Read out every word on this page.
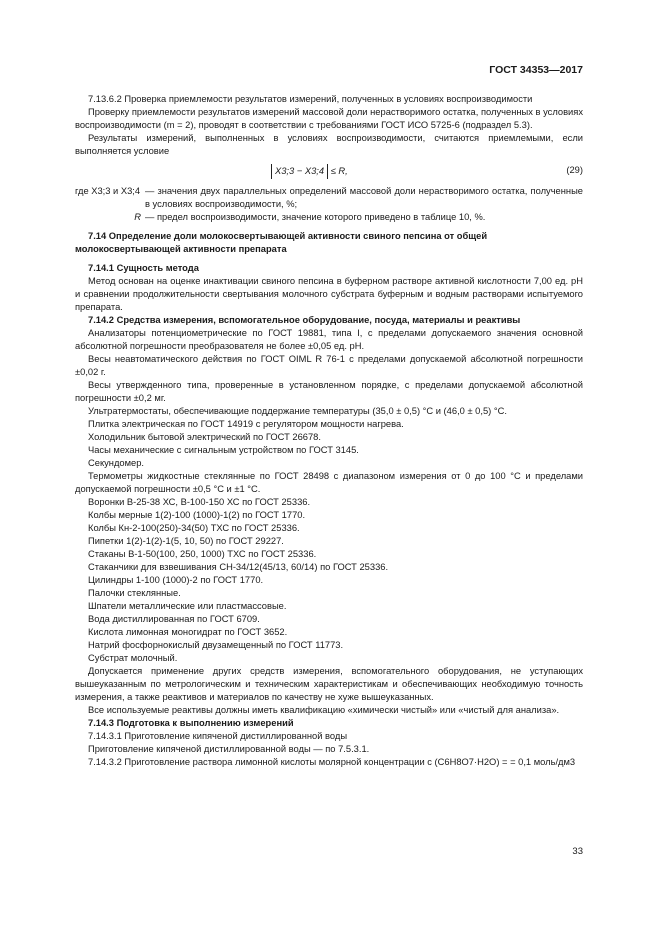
ГОСТ 34353—2017

7.13.6.2 Проверка приемлемости результатов измерений, полученных в условиях воспроизводимости

Проверку приемлемости результатов измерений массовой доли нерастворимого остатка, полученных в условиях воспроизводимости (m = 2), проводят в соответствии с требованиями ГОСТ ИСО 5725-6 (подраздел 5.3).

Результаты измерений, выполненных в условиях воспроизводимости, считаются приемлемыми, если выполняется условие

X3;3 − X3;4 ≤ R,	(29)
где X3;3 и X3;4	— значения двух параллельных определений массовой доли нерастворимого остатка, полученные в условиях воспроизводимости, %;
R	— предел воспроизводимости, значение которого приведено в таблице 10, %.

7.14 Определение доли молокосвертывающей активности свиного пепсина от общей молокосвертывающей активности препарата

7.14.1 Сущность метода

Метод основан на оценке инактивации свиного пепсина в буферном растворе активной кислотности 7,00 ед. pH и сравнении продолжительности свертывания молочного субстрата буферным и водным растворами испытуемого препарата.

7.14.2 Средства измерения, вспомогательное оборудование, посуда, материалы и реактивы

Анализаторы потенциометрические по ГОСТ 19881, типа I, с пределами допускаемого значения основной абсолютной погрешности преобразователя не более ±0,05 ед. pH.

Весы неавтоматического действия по ГОСТ OIML R 76-1 с пределами допускаемой абсолютной погрешности ±0,02 г.

Весы утвержденного типа, проверенные в установленном порядке, с пределами допускаемой абсолютной погрешности ±0,2 мг.

Ультратермостаты, обеспечивающие поддержание температуры (35,0 ± 0,5) °C и (46,0 ± 0,5) °C.

Плитка электрическая по ГОСТ 14919 с регулятором мощности нагрева.

Холодильник бытовой электрический по ГОСТ 26678.

Часы механические с сигнальным устройством по ГОСТ 3145.

Секундомер.

Термометры жидкостные стеклянные по ГОСТ 28498 с диапазоном измерения от 0 до 100 °C и пределами допускаемой погрешности ±0,5 °C и ±1 °C.

Воронки В-25-38 ХС, В-100-150 ХС по ГОСТ 25336.

Колбы мерные 1(2)-100 (1000)-1(2) по ГОСТ 1770.

Колбы Кн-2-100(250)-34(50) ТХС по ГОСТ 25336.

Пипетки 1(2)-1(2)-1(5, 10, 50) по ГОСТ 29227.

Стаканы В-1-50(100, 250, 1000) ТХС по ГОСТ 25336.

Стаканчики для взвешивания СН-34/12(45/13, 60/14) по ГОСТ 25336.

Цилиндры 1-100 (1000)-2 по ГОСТ 1770.

Палочки стеклянные.

Шпатели металлические или пластмассовые.

Вода дистиллированная по ГОСТ 6709.

Кислота лимонная моногидрат по ГОСТ 3652.

Натрий фосфорнокислый двузамещенный по ГОСТ 11773.

Субстрат молочный.

Допускается применение других средств измерения, вспомогательного оборудования, не уступающих вышеуказанным по метрологическим и техническим характеристикам и обеспечивающих необходимую точность измерения, а также реактивов и материалов по качеству не хуже вышеуказанных.

Все используемые реактивы должны иметь квалификацию «химически чистый» или «чистый для анализа».

7.14.3 Подготовка к выполнению измерений

7.14.3.1 Приготовление кипяченой дистиллированной воды

Приготовление кипяченой дистиллированной воды — по 7.5.3.1.

7.14.3.2 Приготовление раствора лимонной кислоты молярной концентрации c (C6H8O7·H2O) = = 0,1 моль/дм3

33
